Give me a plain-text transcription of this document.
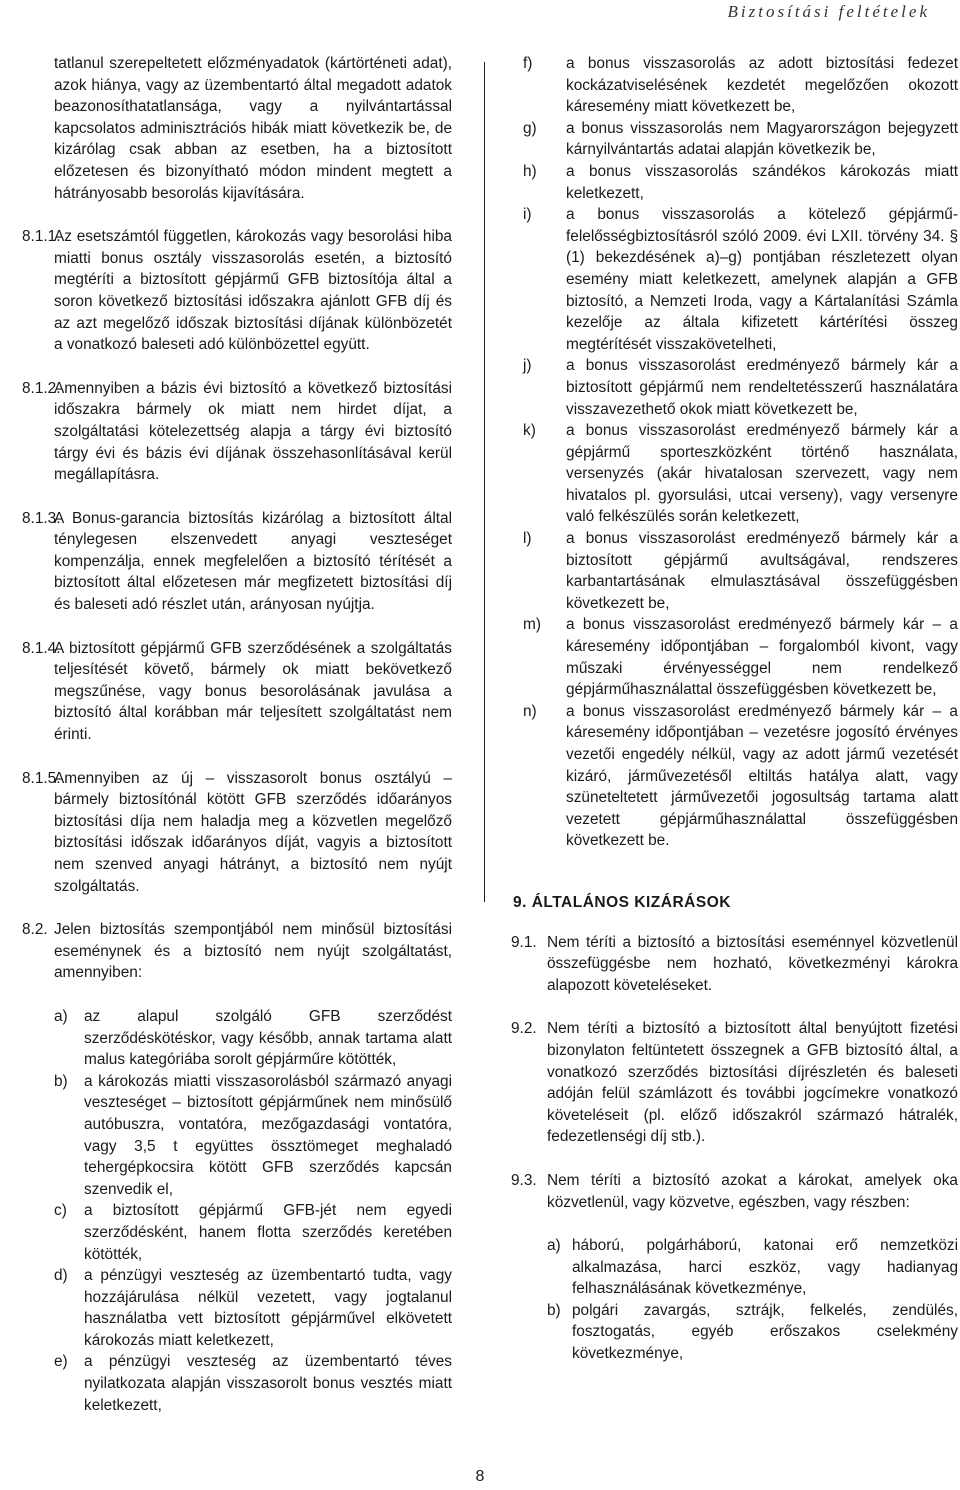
Biztosítási feltételek

tatlanul szerepeltetett előzményadatok (kártörténeti adat), azok hiánya, vagy az üzembentartó által megadott adatok beazonosíthatatlansága, vagy a nyilvántartással kapcsolatos adminisztrációs hibák miatt következik be, de kizárólag csak abban az esetben, ha a biztosított előzetesen és bizonyítható módon mindent megtett a hátrányosabb besorolás kijavítására.

8.1.1.
Az esetszámtól független, károkozás vagy besorolási hiba miatti bonus osztály visszasorolás esetén, a biztosító megtéríti a biztosított gépjármű GFB biztosítója által a soron következő biztosítási időszakra ajánlott GFB díj és az azt megelőző időszak biztosítási díjának különbözetét a vonatkozó baleseti adó különbözettel együtt.
8.1.2.
Amennyiben a bázis évi biztosító a következő biztosítási időszakra bármely ok miatt nem hirdet díjat, a szolgáltatási kötelezettség alapja a tárgy évi biztosító tárgy évi és bázis évi díjának összehasonlításával kerül megállapításra.
8.1.3.
A Bonus-garancia biztosítás kizárólag a biztosított által ténylegesen elszenvedett anyagi veszteséget kompenzálja, ennek megfelelően a biztosító térítését a biztosított által előzetesen már megfizetett biztosítási díj és baleseti adó részlet után, arányosan nyújtja.
8.1.4.
A biztosított gépjármű GFB szerződésének a szolgáltatás teljesítését követő, bármely ok miatt bekövetkező megszűnése, vagy bonus besorolásának javulása a biztosító által korábban már teljesített szolgáltatást nem érinti.
8.1.5.
Amennyiben az új – visszasorolt bonus osztályú – bármely biztosítónál kötött GFB szerződés időarányos biztosítási díja nem haladja meg a közvetlen megelőző biztosítási időszak időarányos díját, vagyis a biztosított nem szenved anyagi hátrányt, a biztosító nem nyújt szolgáltatás.
8.2. Jelen biztosítás szempontjából nem minősül biztosítási eseménynek és a biztosító nem nyújt szolgáltatást, amennyiben:
a)	az alapul szolgáló GFB szerződést szerződéskötéskor, vagy később, annak tartama alatt malus kategóriába sorolt gépjárműre kötötték,
b)	a károkozás miatti visszasorolásból származó anyagi veszteséget – biztosított gépjárműnek nem minősülő autóbuszra, vontatóra, mezőgazdasági vontatóra, vagy 3,5 t együttes össztömeget meghaladó tehergépkocsira kötött GFB szerződés kapcsán szenvedik el,
c)	a biztosított gépjármű GFB-jét nem egyedi szerződésként, hanem flotta szerződés keretében kötötték,
d)	a pénzügyi veszteség az üzembentartó tudta, vagy hozzájárulása nélkül vezetett, vagy jogtalanul használatba vett biztosított gépjárművel elkövetett károkozás miatt keletkezett,
e)	a pénzügyi veszteség az üzembentartó téves nyilatkozata alapján visszasorolt bonus vesztés miatt keletkezett,
f) a bonus visszasorolás az adott biztosítási fedezet kockázatviselésének kezdetét megelőzően okozott káresemény miatt következett be,
g) a bonus visszasorolás nem Magyarországon bejegyzett kárnyilvántartás adatai alapján következik be,
h) a bonus visszasorolás szándékos károkozás miatt keletkezett,
i) a bonus visszasorolás a kötelező gépjármű-felelősségbiztosításról szóló 2009. évi LXII. törvény 34. § (1) bekezdésének a)–g) pontjában részletezett olyan esemény miatt keletkezett, amelynek alapján a GFB biztosító, a Nemzeti Iroda, vagy a Kártalanítási Számla kezelője az általa kifizetett kártérítési összeg megtérítését visszakövetelheti,
j) a bonus visszasorolást eredményező bármely kár a biztosított gépjármű nem rendeltetésszerű használatára visszavezethető okok miatt következett be,
k) a bonus visszasorolást eredményező bármely kár a gépjármű sporteszközként történő használata, versenyzés (akár hivatalosan szervezett, vagy nem hivatalos pl. gyorsulási, utcai verseny), vagy versenyre való felkészülés során keletkezett,
l) a bonus visszasorolást eredményező bármely kár a biztosított gépjármű avultságával, rendszeres karbantartásának elmulasztásával összefüggésben következett be,
m) a bonus visszasorolást eredményező bármely kár – a káresemény időpontjában – forgalomból kivont, vagy műszaki érvényességgel nem rendelkező gépjárműhasználattal összefüggésben következett be,
n) a bonus visszasorolást eredményező bármely kár – a káresemény időpontjában – vezetésre jogosító érvényes vezetői engedély nélkül, vagy az adott jármű vezetését kizáró, járművezetésől eltiltás hatálya alatt, vagy szüneteltetett járművezetői jogosultság tartama alatt vezetett gépjárműhasználattal összefüggésben következett be.
9. ÁLTALÁNOS KIZÁRÁSOK
9.1. Nem téríti a biztosító a biztosítási eseménnyel közvetlenül összefüggésbe nem hozható, következményi károkra alapozott követeléseket.
9.2. Nem téríti a biztosító a biztosított által benyújtott fizetési bizonylaton feltüntetett összegnek a GFB biztosító által, a vonatkozó szerződés biztosítási díjrészletén és baleseti adóján felül számlázott és további jogcímekre vonatkozó követeléseit (pl. előző időszakról származó hátralék, fedezetlenségi díj stb.).
9.3. Nem téríti a biztosító azokat a károkat, amelyek oka közvetlenül, vagy közvetve, egészben, vagy részben:
a) háború, polgárháború, katonai erő nemzetközi alkalmazása, harci eszköz, vagy hadianyag felhasználásának következménye,
b) polgári zavargás, sztrájk, felkelés, zendülés, fosztogatás, egyéb erőszakos cselekmény következménye,
8
